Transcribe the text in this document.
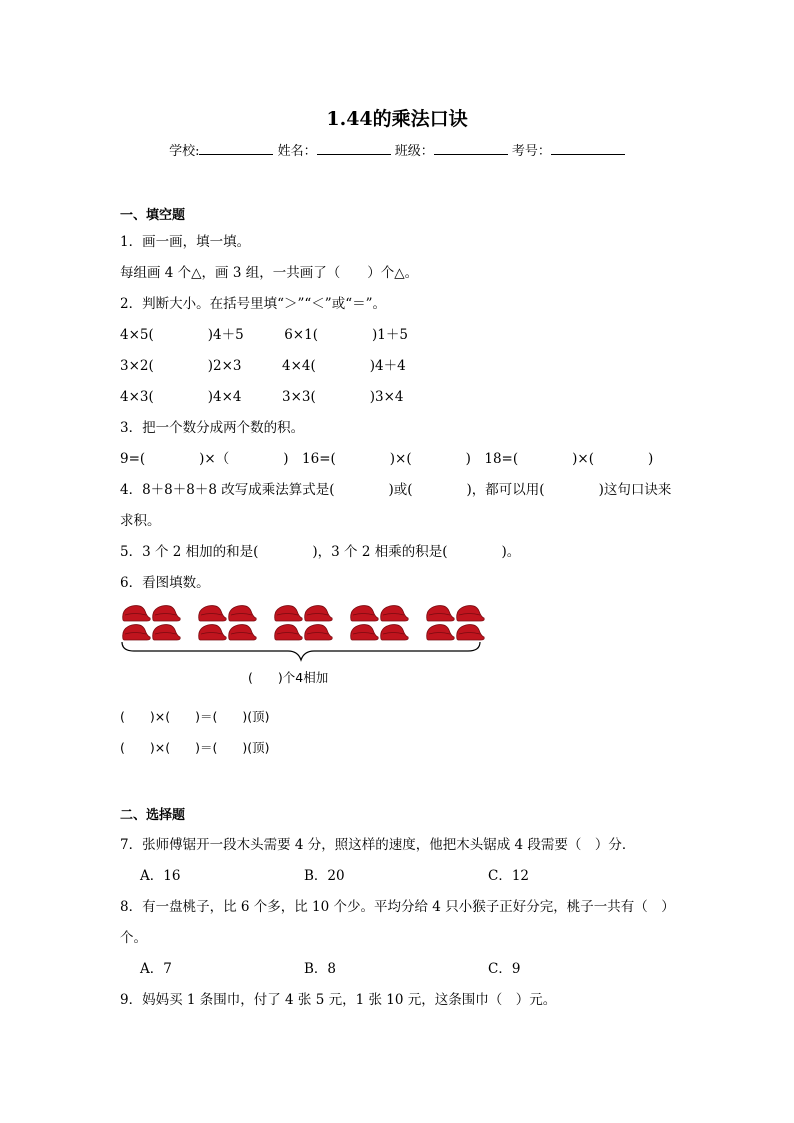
1.44的乘法口诀
学校:	姓名：	班级：	考号：
一、填空题
1．画一画，填一填。
每组画 4 个△，画 3 组，一共画了（　　）个△。
2．判断大小。在括号里填“＞”“＜”或“＝”。
4×5(　　　　)4＋5　　　6×1(　　　　)1＋5
3×2(　　　　)2×3　　　4×4(　　　　)4＋4
4×3(　　　　)4×4　　　3×3(　　　　)3×4
3．把一个数分成两个数的积。
9=(　　　　)×（　　　　)　16=(　　　　)×(　　　　)　18=(　　　　)×(　　　　)
4．8＋8＋8＋8 改写成乘法算式是(　　　　)或(　　　　)，都可以用(　　　　)这句口诀来
求积。
5．3 个 2 相加的和是(　　　　)，3 个 2 相乘的积是(　　　　)。
6．看图填数。
(　　)个4相加
(　　)×(　　)＝(　　)(顶)
(　　)×(　　)＝(　　)(顶)
二、选择题
7．张师傅锯开一段木头需要 4 分，照这样的速度，他把木头锯成 4 段需要（　）分．
A．16	B．20	C．12
8．有一盘桃子，比 6 个多，比 10 个少。平均分给 4 只小猴子正好分完，桃子一共有（　）
个。
A．7	B．8	C．9
9．妈妈买 1 条围巾，付了 4 张 5 元，1 张 10 元，这条围巾（　）元。
